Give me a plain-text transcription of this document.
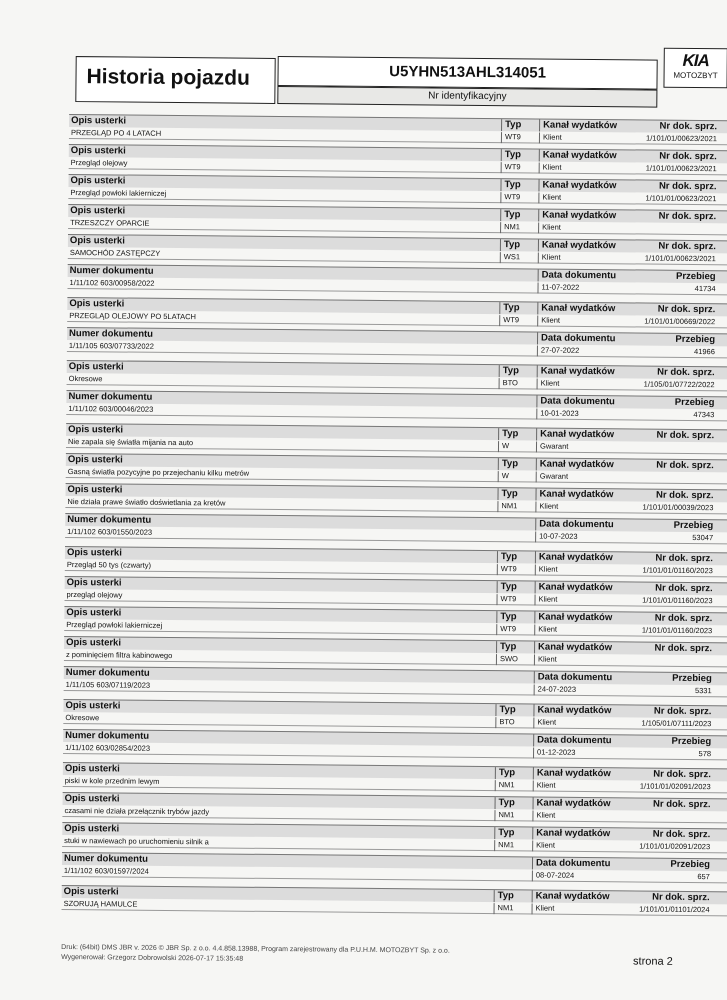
Historia pojazdu	U5YHN513AHL314051
Nr identyfikacyjny
KIA
MOTOZBYT
Opis usterki	Typ	Kanał wydatków	Nr dok. sprz.
PRZEGLĄD PO 4 LATACH	WT9	Klient	1/101/01/00623/2021
Opis usterki	Typ	Kanał wydatków	Nr dok. sprz.
Przegląd olejowy	WT9	Klient	1/101/01/00623/2021
Opis usterki	Typ	Kanał wydatków	Nr dok. sprz.
Przegląd powłoki lakierniczej	WT9	Klient	1/101/01/00623/2021
Opis usterki	Typ	Kanał wydatków	Nr dok. sprz.
TRZESZCZY OPARCIE	NM1	Klient
Opis usterki	Typ	Kanał wydatków	Nr dok. sprz.
SAMOCHÓD ZASTĘPCZY	WS1	Klient	1/101/01/00623/2021
Numer dokumentu	Data dokumentu	Przebieg
1/11/102 603/00958/2022	11-07-2022	41734
Opis usterki	Typ	Kanał wydatków	Nr dok. sprz.
PRZEGLĄD OLEJOWY PO 5LATACH	WT9	Klient	1/101/01/00669/2022
Numer dokumentu	Data dokumentu	Przebieg
1/11/105 603/07733/2022	27-07-2022	41966
Opis usterki	Typ	Kanał wydatków	Nr dok. sprz.
Okresowe	BTO	Klient	1/105/01/07722/2022
Numer dokumentu	Data dokumentu	Przebieg
1/11/102 603/00046/2023	10-01-2023	47343
Opis usterki	Typ	Kanał wydatków	Nr dok. sprz.
Nie zapala się światła mijania na auto	W	Gwarant
Opis usterki	Typ	Kanał wydatków	Nr dok. sprz.
Gasną światła pozycyjne po przejechaniu kilku metrów	W	Gwarant
Opis usterki	Typ	Kanał wydatków	Nr dok. sprz.
Nie działa prawe światło doświetlania za kretów	NM1	Klient	1/101/01/00039/2023
Numer dokumentu	Data dokumentu	Przebieg
1/11/102 603/01550/2023	10-07-2023	53047
Opis usterki	Typ	Kanał wydatków	Nr dok. sprz.
Przegląd 50 tys (czwarty)	WT9	Klient	1/101/01/01160/2023
Opis usterki	Typ	Kanał wydatków	Nr dok. sprz.
przegląd olejowy	WT9	Klient	1/101/01/01160/2023
Opis usterki	Typ	Kanał wydatków	Nr dok. sprz.
Przegląd powłoki lakierniczej	WT9	Klient	1/101/01/01160/2023
Opis usterki	Typ	Kanał wydatków	Nr dok. sprz.
z pominięciem filtra kabinowego	SWO	Klient
Numer dokumentu	Data dokumentu	Przebieg
1/11/105 603/07119/2023	24-07-2023	5331
Opis usterki	Typ	Kanał wydatków	Nr dok. sprz.
Okresowe	BTO	Klient	1/105/01/07111/2023
Numer dokumentu	Data dokumentu	Przebieg
1/11/102 603/02854/2023	01-12-2023	578
Opis usterki	Typ	Kanał wydatków	Nr dok. sprz.
piski w kole przednim lewym	NM1	Klient	1/101/01/02091/2023
Opis usterki	Typ	Kanał wydatków	Nr dok. sprz.
czasami nie działa przełącznik trybów jazdy	NM1	Klient
Opis usterki	Typ	Kanał wydatków	Nr dok. sprz.
stuki w nawiewach po uruchomieniu silnik a	NM1	Klient	1/101/01/02091/2023
Numer dokumentu	Data dokumentu	Przebieg
1/11/102 603/01597/2024	08-07-2024	657
Opis usterki	Typ	Kanał wydatków	Nr dok. sprz.
SZORUJĄ HAMULCE	NM1	Klient	1/101/01/01101/2024
Druk: (64bit) DMS JBR v. 2026 © JBR Sp. z o.o. 4.4.858.13988, Program zarejestrowany dla P.U.H.M. MOTOZBYT Sp. z o.o.
Wygenerował: Grzegorz Dobrowolski 2026-07-17 15:35:48	strona 2
